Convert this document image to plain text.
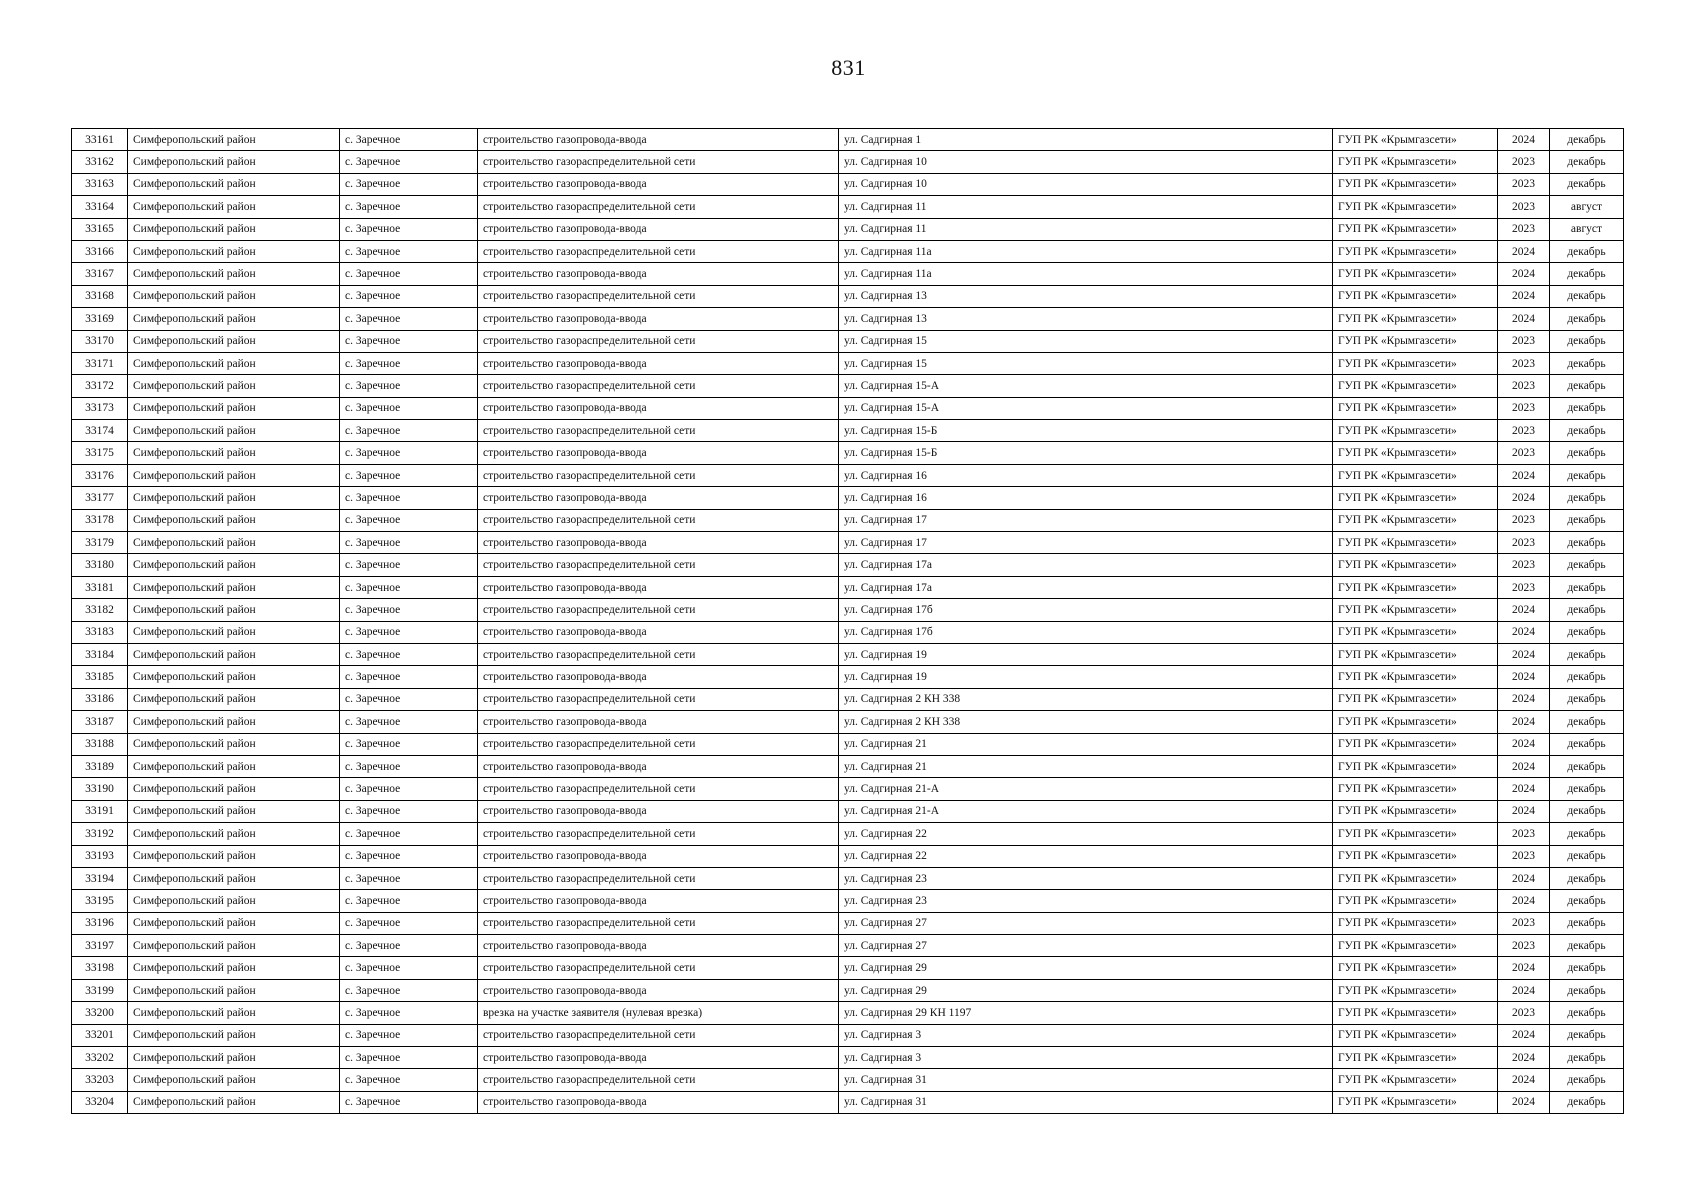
831
33161	Симферопольский район	с. Заречное	строительство газопровода-ввода	ул. Садгирная 1	ГУП РК «Крымгазсети»	2024	декабрь
33162	Симферопольский район	с. Заречное	строительство газораспределительной сети	ул. Садгирная 10	ГУП РК «Крымгазсети»	2023	декабрь
33163	Симферопольский район	с. Заречное	строительство газопровода-ввода	ул. Садгирная 10	ГУП РК «Крымгазсети»	2023	декабрь
33164	Симферопольский район	с. Заречное	строительство газораспределительной сети	ул. Садгирная 11	ГУП РК «Крымгазсети»	2023	август
33165	Симферопольский район	с. Заречное	строительство газопровода-ввода	ул. Садгирная 11	ГУП РК «Крымгазсети»	2023	август
33166	Симферопольский район	с. Заречное	строительство газораспределительной сети	ул. Садгирная 11а	ГУП РК «Крымгазсети»	2024	декабрь
33167	Симферопольский район	с. Заречное	строительство газопровода-ввода	ул. Садгирная 11а	ГУП РК «Крымгазсети»	2024	декабрь
33168	Симферопольский район	с. Заречное	строительство газораспределительной сети	ул. Садгирная 13	ГУП РК «Крымгазсети»	2024	декабрь
33169	Симферопольский район	с. Заречное	строительство газопровода-ввода	ул. Садгирная 13	ГУП РК «Крымгазсети»	2024	декабрь
33170	Симферопольский район	с. Заречное	строительство газораспределительной сети	ул. Садгирная 15	ГУП РК «Крымгазсети»	2023	декабрь
33171	Симферопольский район	с. Заречное	строительство газопровода-ввода	ул. Садгирная 15	ГУП РК «Крымгазсети»	2023	декабрь
33172	Симферопольский район	с. Заречное	строительство газораспределительной сети	ул. Садгирная 15-А	ГУП РК «Крымгазсети»	2023	декабрь
33173	Симферопольский район	с. Заречное	строительство газопровода-ввода	ул. Садгирная 15-А	ГУП РК «Крымгазсети»	2023	декабрь
33174	Симферопольский район	с. Заречное	строительство газораспределительной сети	ул. Садгирная 15-Б	ГУП РК «Крымгазсети»	2023	декабрь
33175	Симферопольский район	с. Заречное	строительство газопровода-ввода	ул. Садгирная 15-Б	ГУП РК «Крымгазсети»	2023	декабрь
33176	Симферопольский район	с. Заречное	строительство газораспределительной сети	ул. Садгирная 16	ГУП РК «Крымгазсети»	2024	декабрь
33177	Симферопольский район	с. Заречное	строительство газопровода-ввода	ул. Садгирная 16	ГУП РК «Крымгазсети»	2024	декабрь
33178	Симферопольский район	с. Заречное	строительство газораспределительной сети	ул. Садгирная 17	ГУП РК «Крымгазсети»	2023	декабрь
33179	Симферопольский район	с. Заречное	строительство газопровода-ввода	ул. Садгирная 17	ГУП РК «Крымгазсети»	2023	декабрь
33180	Симферопольский район	с. Заречное	строительство газораспределительной сети	ул. Садгирная 17а	ГУП РК «Крымгазсети»	2023	декабрь
33181	Симферопольский район	с. Заречное	строительство газопровода-ввода	ул. Садгирная 17а	ГУП РК «Крымгазсети»	2023	декабрь
33182	Симферопольский район	с. Заречное	строительство газораспределительной сети	ул. Садгирная 17б	ГУП РК «Крымгазсети»	2024	декабрь
33183	Симферопольский район	с. Заречное	строительство газопровода-ввода	ул. Садгирная 17б	ГУП РК «Крымгазсети»	2024	декабрь
33184	Симферопольский район	с. Заречное	строительство газораспределительной сети	ул. Садгирная 19	ГУП РК «Крымгазсети»	2024	декабрь
33185	Симферопольский район	с. Заречное	строительство газопровода-ввода	ул. Садгирная 19	ГУП РК «Крымгазсети»	2024	декабрь
33186	Симферопольский район	с. Заречное	строительство газораспределительной сети	ул. Садгирная 2 КН 338	ГУП РК «Крымгазсети»	2024	декабрь
33187	Симферопольский район	с. Заречное	строительство газопровода-ввода	ул. Садгирная 2 КН 338	ГУП РК «Крымгазсети»	2024	декабрь
33188	Симферопольский район	с. Заречное	строительство газораспределительной сети	ул. Садгирная 21	ГУП РК «Крымгазсети»	2024	декабрь
33189	Симферопольский район	с. Заречное	строительство газопровода-ввода	ул. Садгирная 21	ГУП РК «Крымгазсети»	2024	декабрь
33190	Симферопольский район	с. Заречное	строительство газораспределительной сети	ул. Садгирная 21-А	ГУП РК «Крымгазсети»	2024	декабрь
33191	Симферопольский район	с. Заречное	строительство газопровода-ввода	ул. Садгирная 21-А	ГУП РК «Крымгазсети»	2024	декабрь
33192	Симферопольский район	с. Заречное	строительство газораспределительной сети	ул. Садгирная 22	ГУП РК «Крымгазсети»	2023	декабрь
33193	Симферопольский район	с. Заречное	строительство газопровода-ввода	ул. Садгирная 22	ГУП РК «Крымгазсети»	2023	декабрь
33194	Симферопольский район	с. Заречное	строительство газораспределительной сети	ул. Садгирная 23	ГУП РК «Крымгазсети»	2024	декабрь
33195	Симферопольский район	с. Заречное	строительство газопровода-ввода	ул. Садгирная 23	ГУП РК «Крымгазсети»	2024	декабрь
33196	Симферопольский район	с. Заречное	строительство газораспределительной сети	ул. Садгирная 27	ГУП РК «Крымгазсети»	2023	декабрь
33197	Симферопольский район	с. Заречное	строительство газопровода-ввода	ул. Садгирная 27	ГУП РК «Крымгазсети»	2023	декабрь
33198	Симферопольский район	с. Заречное	строительство газораспределительной сети	ул. Садгирная 29	ГУП РК «Крымгазсети»	2024	декабрь
33199	Симферопольский район	с. Заречное	строительство газопровода-ввода	ул. Садгирная 29	ГУП РК «Крымгазсети»	2024	декабрь
33200	Симферопольский район	с. Заречное	врезка на участке заявителя (нулевая врезка)	ул. Садгирная 29 КН 1197	ГУП РК «Крымгазсети»	2023	декабрь
33201	Симферопольский район	с. Заречное	строительство газораспределительной сети	ул. Садгирная 3	ГУП РК «Крымгазсети»	2024	декабрь
33202	Симферопольский район	с. Заречное	строительство газопровода-ввода	ул. Садгирная 3	ГУП РК «Крымгазсети»	2024	декабрь
33203	Симферопольский район	с. Заречное	строительство газораспределительной сети	ул. Садгирная 31	ГУП РК «Крымгазсети»	2024	декабрь
33204	Симферопольский район	с. Заречное	строительство газопровода-ввода	ул. Садгирная 31	ГУП РК «Крымгазсети»	2024	декабрь
